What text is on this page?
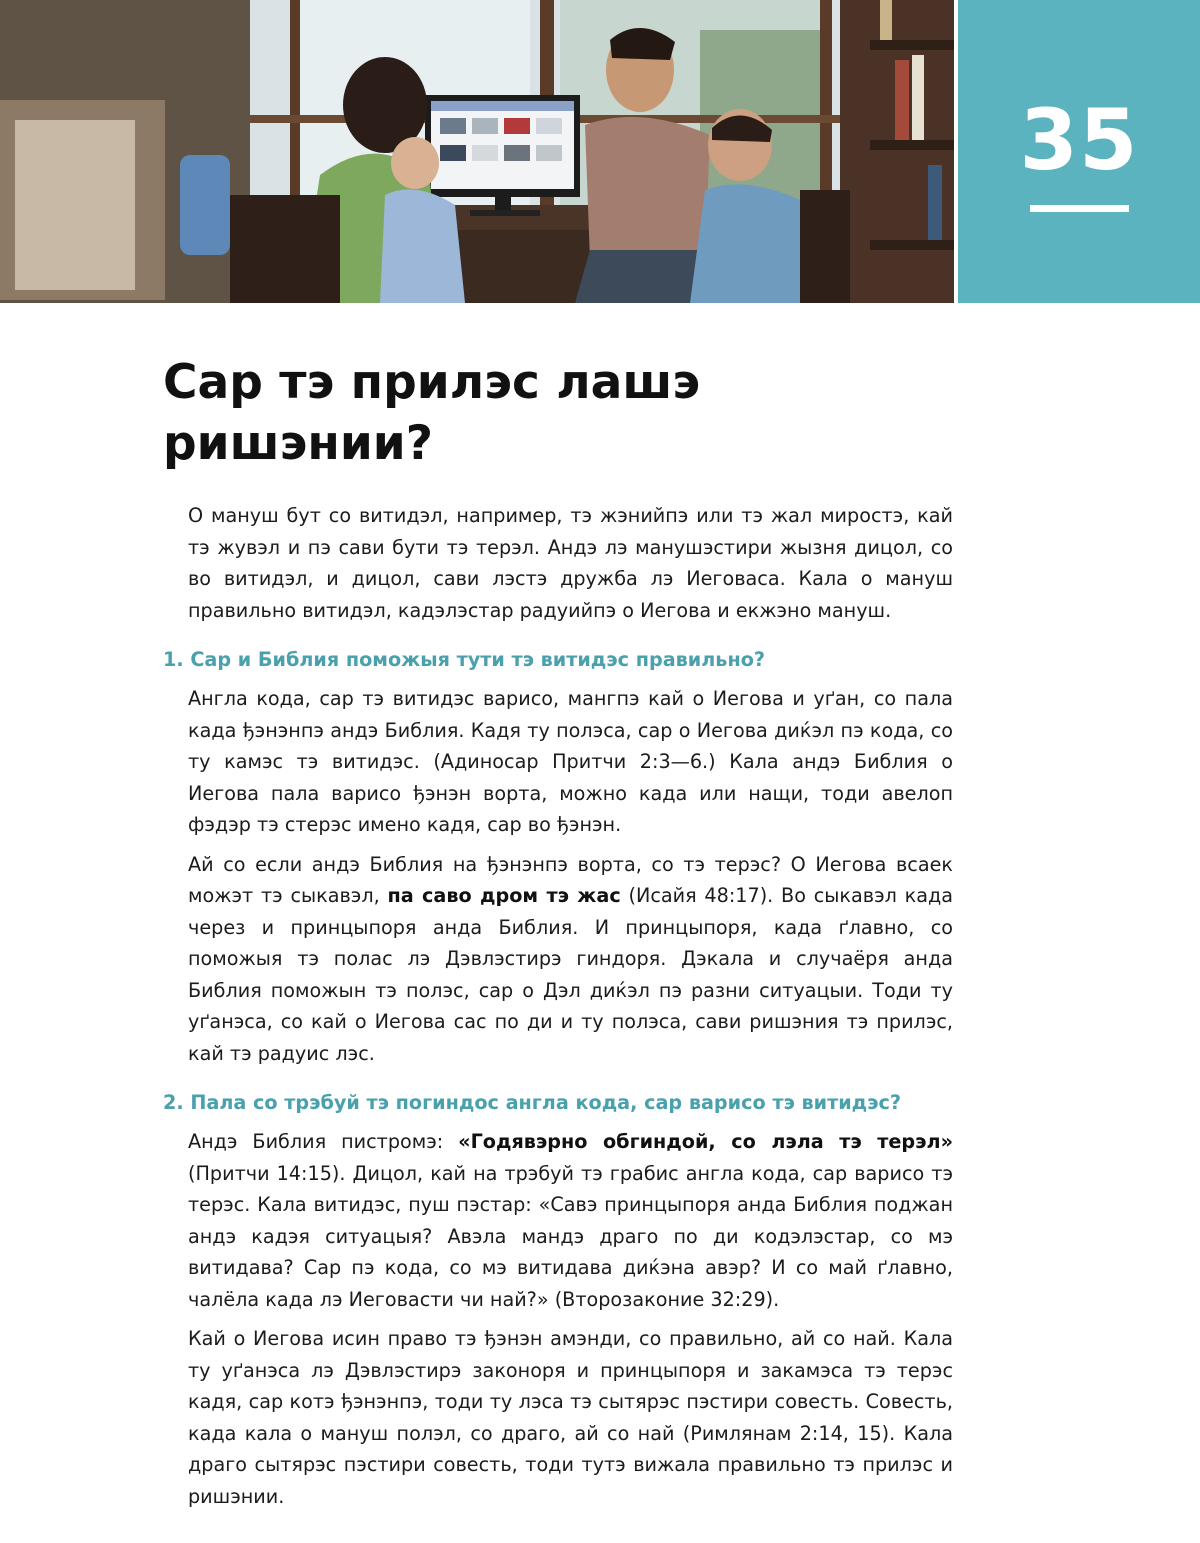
35
Сар тэ прилэс лашэ ришэнии?

О мануш бут со витидэл, например, тэ жэнийпэ или тэ жал миростэ, кай тэ жувэл и пэ сави бути тэ терэл. Андэ лэ манушэстири жызня дицол, со во витидэл, и дицол, сави лэстэ дружба лэ Иеговаса. Кала о мануш правильно витидэл, кадэлэстар радуийпэ о Иегова и екжэно мануш.

1. Сар и Библия поможыя тути тэ витидэс правильно?

Англа кода, сар тэ витидэс варисо, мангпэ кай о Иегова и уґан, со пала када ђэнэнпэ андэ Библия. Кадя ту полэса, сар о Иегова диќэл пэ кода, со ту камэс тэ витидэс. (Адиносар Притчи 2:3—6.) Кала андэ Библия о Иегова пала варисо ђэнэн ворта, можно када или нащи, тоди авелоп фэдэр тэ стерэс имено кадя, сар во ђэнэн.

Ай со если андэ Библия на ђэнэнпэ ворта, со тэ терэс? О Иегова всаек можэт тэ сыкавэл, па саво дром тэ жас (Исайя 48:17). Во сыкавэл када через и принцыпоря анда Библия. И принцыпоря, када ґлавно, со поможыя тэ полас лэ Дэвлэстирэ гиндоря. Дэкала и случаёря анда Библия поможын тэ полэс, сар о Дэл диќэл пэ разни ситуацыи. Тоди ту уґанэса, со кай о Иегова сас по ди и ту полэса, сави ришэния тэ прилэс, кай тэ радуис лэс.

2. Пала со трэбуй тэ погиндос англа кода, сар варисо тэ витидэс?

Андэ Библия пистромэ: «Годявэрно обгиндой, со лэла тэ терэл» (Притчи 14:15). Дицол, кай на трэбуй тэ грабис англа кода, сар варисо тэ терэс. Кала витидэс, пуш пэстар: «Савэ принцыпоря анда Библия поджан андэ кадэя ситуацыя? Авэла мандэ драго по ди кодэлэстар, со мэ витидава? Сар пэ кода, со мэ витидава диќэна авэр? И со май ґлавно, чалёла када лэ Иеговасти чи най?» (Второзаконие 32:29).

Кай о Иегова исин право тэ ђэнэн амэнди, со правильно, ай со най. Кала ту уґанэса лэ Дэвлэстирэ законоря и принцыпоря и закамэса тэ терэс кадя, сар котэ ђэнэнпэ, тоди ту лэса тэ сытярэс пэстири совесть. Совесть, када кала о мануш полэл, со драго, ай со най (Римлянам 2:14, 15). Кала драго сытярэс пэстири совесть, тоди тутэ вижала правильно тэ прилэс и ришэнии.
